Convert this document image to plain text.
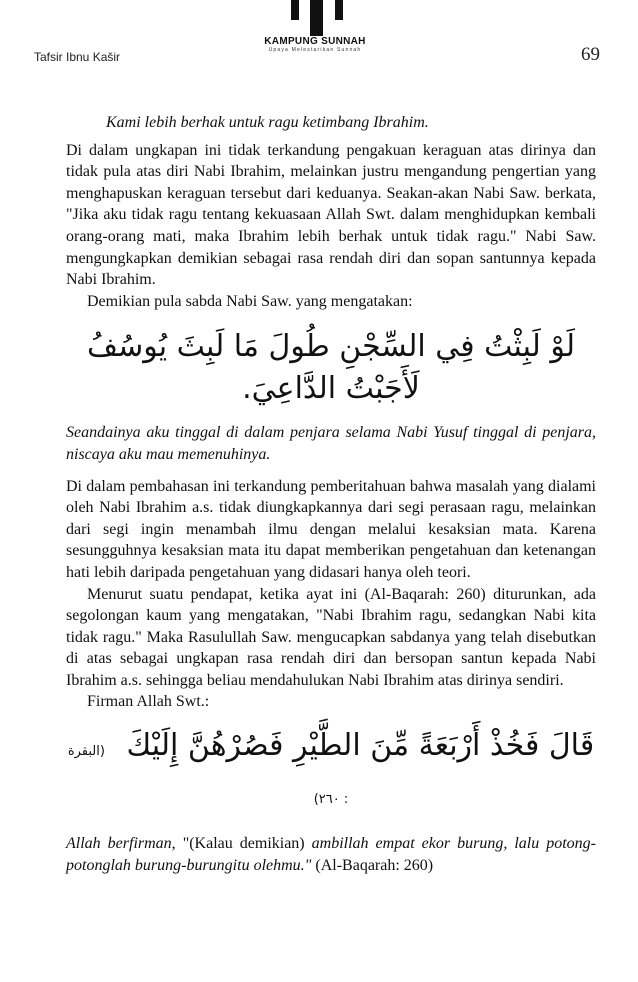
Tafsir Ibnu Kašir
KAMPUNG SUNNAH
Upaya Melestarikan Sunnah	69

Kami lebih berhak untuk ragu ketimbang Ibrahim.

Di dalam ungkapan ini tidak terkandung pengakuan keraguan atas dirinya dan tidak pula atas diri Nabi Ibrahim, melainkan justru mengandung pengertian yang menghapuskan keraguan tersebut dari keduanya. Seakan-akan Nabi Saw. berkata, "Jika aku tidak ragu tentang kekuasaan Allah Swt. dalam menghidupkan kembali orang-orang mati, maka Ibrahim lebih berhak untuk tidak ragu." Nabi Saw. mengungkapkan demikian sebagai rasa rendah diri dan sopan santunnya kepada Nabi Ibrahim.

Demikian pula sabda Nabi Saw. yang mengatakan:

لَوْ لَبِثْتُ فِي السِّجْنِ طُولَ مَا لَبِثَ يُوسُفُ لَأَجَبْتُ الدَّاعِيَ.

Seandainya aku tinggal di dalam penjara selama Nabi Yusuf tinggal di penjara, niscaya aku mau memenuhinya.

Di dalam pembahasan ini terkandung pemberitahuan bahwa masalah yang dialami oleh Nabi Ibrahim a.s. tidak diungkapkannya dari segi perasaan ragu, melainkan dari segi ingin menambah ilmu dengan melalui kesaksian mata. Karena sesungguhnya kesaksian mata itu dapat memberikan pengetahuan dan ketenangan hati lebih daripada pengetahuan yang didasari hanya oleh teori.

Menurut suatu pendapat, ketika ayat ini (Al-Baqarah: 260) diturunkan, ada segolongan kaum yang mengatakan, "Nabi Ibrahim ragu, sedangkan Nabi kita tidak ragu." Maka Rasulullah Saw. mengucapkan sabdanya yang telah disebutkan di atas sebagai ungkapan rasa rendah diri dan bersopan santun kepada Nabi Ibrahim a.s. sehingga beliau mendahulukan Nabi Ibrahim atas dirinya sendiri.

Firman Allah Swt.:

قَالَ فَخُذْ أَرْبَعَةً مِّنَ الطَّيْرِ فَصُرْهُنَّ إِلَيْكَ (البقرة : ٢٦٠)

Allah berfirman, "(Kalau demikian) ambillah empat ekor burung, lalu potong-potonglah burung-burungitu olehmu." (Al-Baqarah: 260)
